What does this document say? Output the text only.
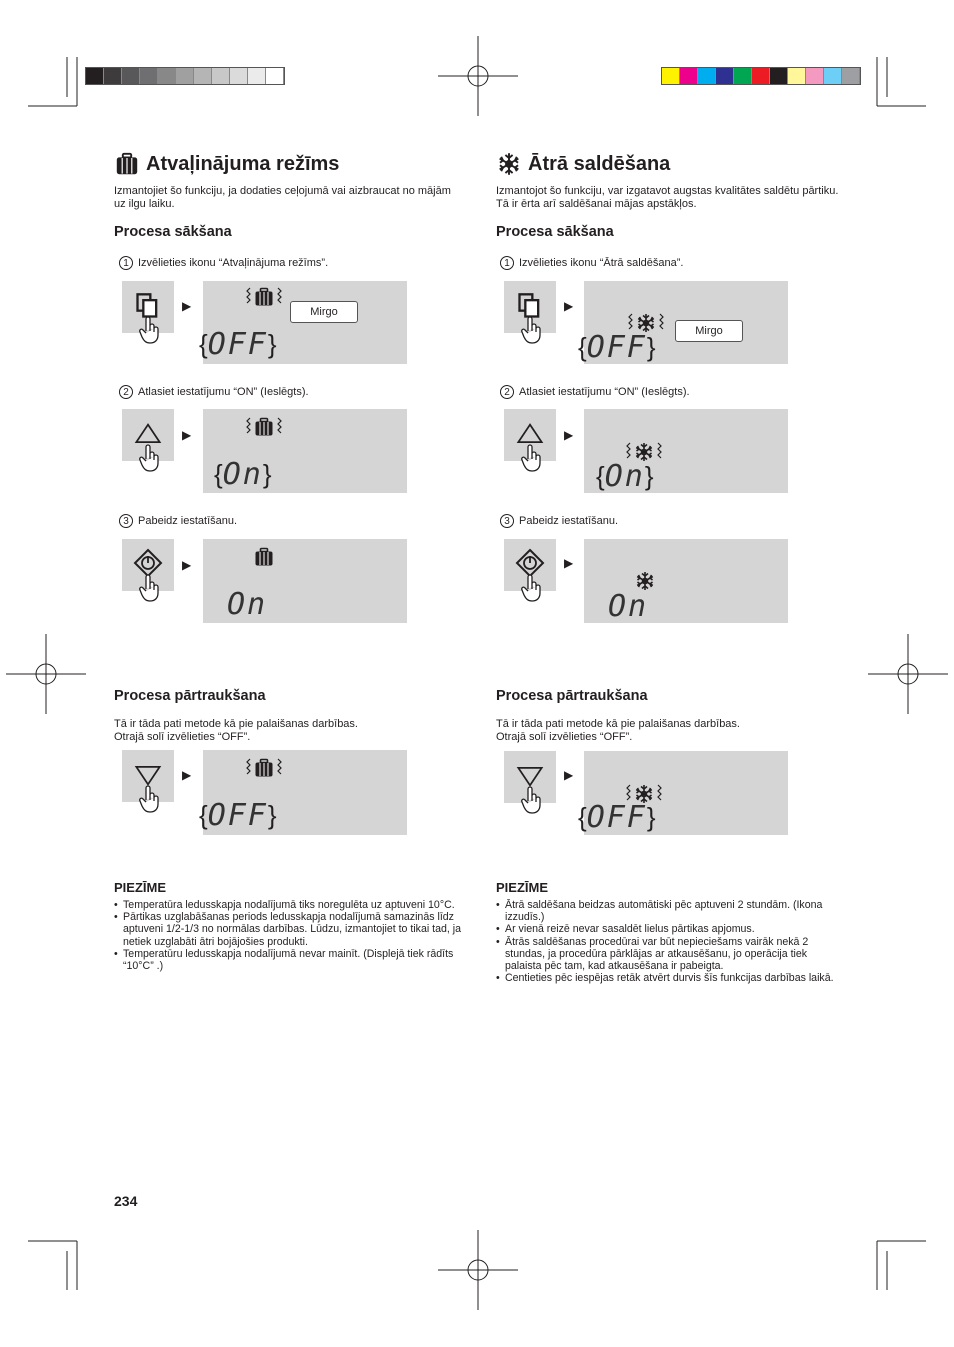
Atvaļinājuma režīms
Izmantojiet šo funkciju, ja dodaties ceļojumā vai aizbraucat no mājām uz ilgu laiku.
Procesa sākšana
1 Izvēlieties ikonu “Atvaļinājuma režīms”.
▶	Mirgo
{ OFF }
2 Atlasiet iestatījumu “ON” (Ieslēgts).
▶
{ On }
3 Pabeidz iestatīšanu.
▶
On
Procesa pārtraukšana
Tā ir tāda pati metode kā pie palaišanas darbības.
Otrajā solī izvēlieties “OFF”.
▶
{ OFF }
PIEZĪME
• Temperatūra ledusskapja nodalījumā tiks noregulēta uz aptuveni 10°C.
• Pārtikas uzglabāšanas periods ledusskapja nodalījumā samazinās līdz aptuveni 1/2-1/3 no normālas darbības. Lūdzu, izmantojiet to tikai tad, ja netiek uzglabāti ātri bojājošies produkti.
• Temperatūru ledusskapja nodalījumā nevar mainīt. (Displejā tiek rādīts “10°C” .)
Ātrā saldēšana
Izmantojot šo funkciju, var izgatavot augstas kvalitātes saldētu pārtiku. Tā ir ērta arī saldēšanai mājas apstākļos.
Procesa sākšana
1 Izvēlieties ikonu “Ātrā saldēšana”.
▶
Mirgo
{ OFF }
2 Atlasiet iestatījumu “ON” (Ieslēgts).
▶
{ On }
3 Pabeidz iestatīšanu.
▶
On
Procesa pārtraukšana
Tā ir tāda pati metode kā pie palaišanas darbības.
Otrajā solī izvēlieties “OFF”.
▶
{ OFF }
PIEZĪME
• Ātrā saldēšana beidzas automātiski pēc aptuveni 2 stundām. (Ikona izzudīs.)
• Ar vienā reizē nevar sasaldēt lielus pārtikas apjomus.
• Ātrās saldēšanas procedūrai var būt nepieciešams vairāk nekā 2 stundas, ja procedūra pārklājas ar atkausēšanu, jo operācija tiek palaista pēc tam, kad atkausēšana ir pabeigta.
• Centieties pēc iespējas retāk atvērt durvis šīs funkcijas darbības laikā.
234
